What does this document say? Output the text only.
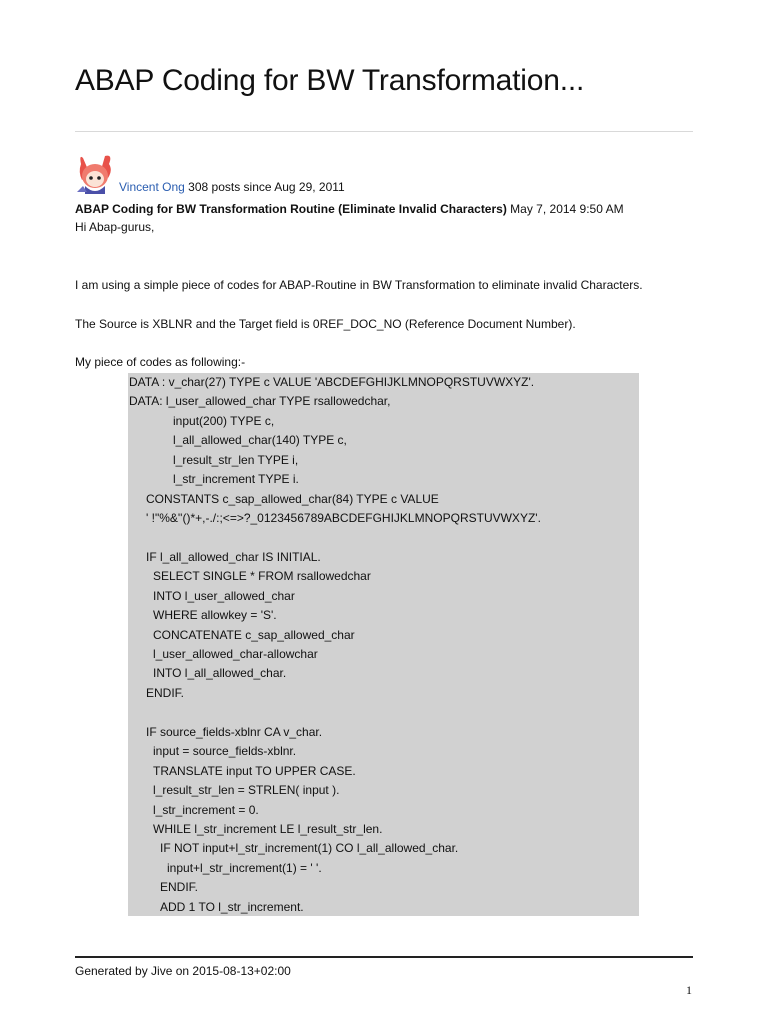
ABAP Coding for BW Transformation...
Vincent Ong 308 posts since Aug 29, 2011
ABAP Coding for BW Transformation Routine (Eliminate Invalid Characters) May 7, 2014 9:50 AM

Hi Abap-gurus,

I am using a simple piece of codes for ABAP-Routine in BW Transformation to eliminate invalid Characters.

The Source is XBLNR and the Target field is 0REF_DOC_NO (Reference Document Number).

My piece of codes as following:-

DATA : v_char(27) TYPE c VALUE 'ABCDEFGHIJKLMNOPQRSTUVWXYZ'.
DATA: l_user_allowed_char TYPE rsallowedchar,
input(200) TYPE c,
l_all_allowed_char(140) TYPE c,
l_result_str_len TYPE i,
l_str_increment TYPE i.
CONSTANTS c_sap_allowed_char(84) TYPE c VALUE
' !"%&''()*+,-./:;<=>?_0123456789ABCDEFGHIJKLMNOPQRSTUVWXYZ'.
IF l_all_allowed_char IS INITIAL.
SELECT SINGLE * FROM rsallowedchar
INTO l_user_allowed_char
WHERE allowkey = 'S'.
CONCATENATE c_sap_allowed_char
l_user_allowed_char-allowchar
INTO l_all_allowed_char.
ENDIF.
IF source_fields-xblnr CA v_char.
input = source_fields-xblnr.
TRANSLATE input TO UPPER CASE.
l_result_str_len = STRLEN( input ).
l_str_increment = 0.
WHILE l_str_increment LE l_result_str_len.
IF NOT input+l_str_increment(1) CO l_all_allowed_char.
input+l_str_increment(1) = ' '.
ENDIF.
ADD 1 TO l_str_increment.
Generated by Jive on 2015-08-13+02:00
1
